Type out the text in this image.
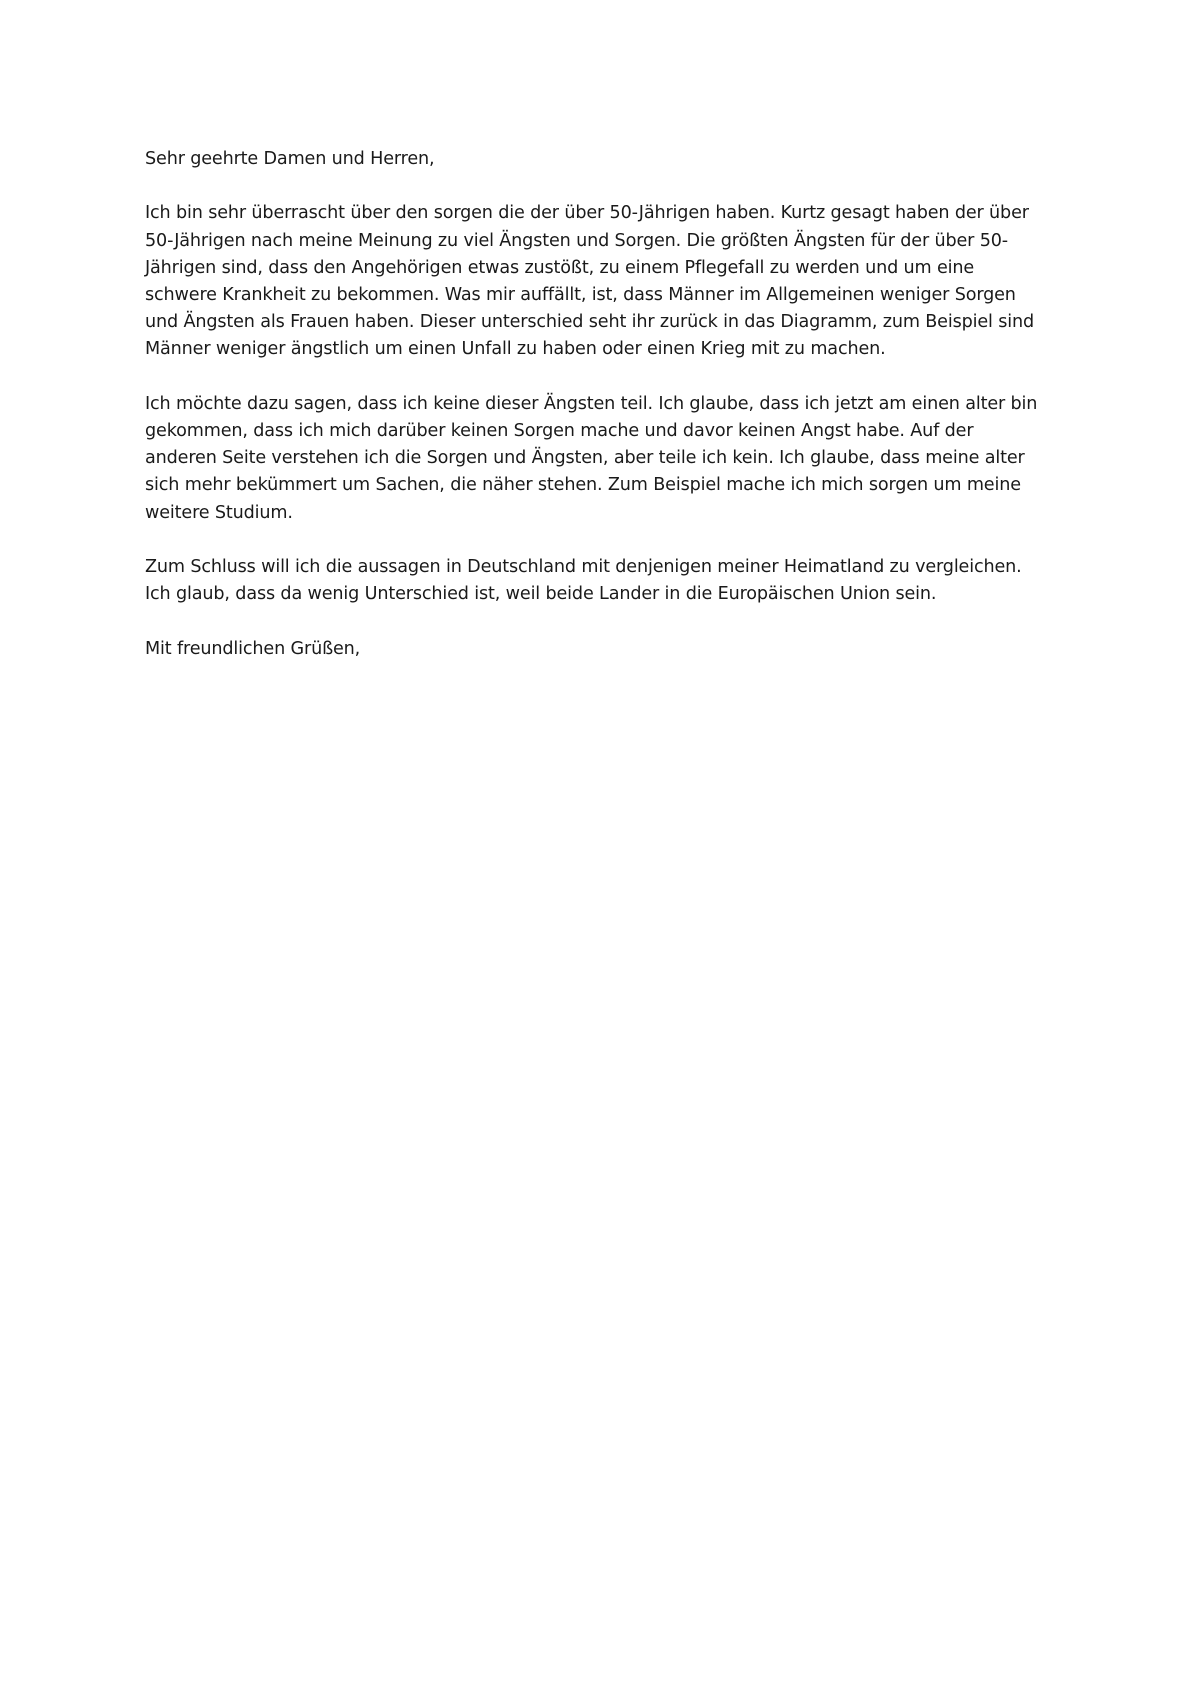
Sehr geehrte Damen und Herren,
Ich bin sehr überrascht über den sorgen die der über 50-Jährigen haben. Kurtz gesagt haben der über
50-Jährigen nach meine Meinung zu viel Ängsten und Sorgen. Die größten Ängsten für der über 50-
Jährigen sind, dass den Angehörigen etwas zustößt, zu einem Pflegefall zu werden und um eine
schwere Krankheit zu bekommen. Was mir auffällt, ist, dass Männer im Allgemeinen weniger Sorgen
und Ängsten als Frauen haben. Dieser unterschied seht ihr zurück in das Diagramm, zum Beispiel sind
Männer weniger ängstlich um einen Unfall zu haben oder einen Krieg mit zu machen.
Ich möchte dazu sagen, dass ich keine dieser Ängsten teil. Ich glaube, dass ich jetzt am einen alter bin
gekommen, dass ich mich darüber keinen Sorgen mache und davor keinen Angst habe. Auf der
anderen Seite verstehen ich die Sorgen und Ängsten, aber teile ich kein. Ich glaube, dass meine alter
sich mehr bekümmert um Sachen, die näher stehen. Zum Beispiel mache ich mich sorgen um meine
weitere Studium.
Zum Schluss will ich die aussagen in Deutschland mit denjenigen meiner Heimatland zu vergleichen.
Ich glaub, dass da wenig Unterschied ist, weil beide Lander in die Europäischen Union sein.
Mit freundlichen Grüßen,
